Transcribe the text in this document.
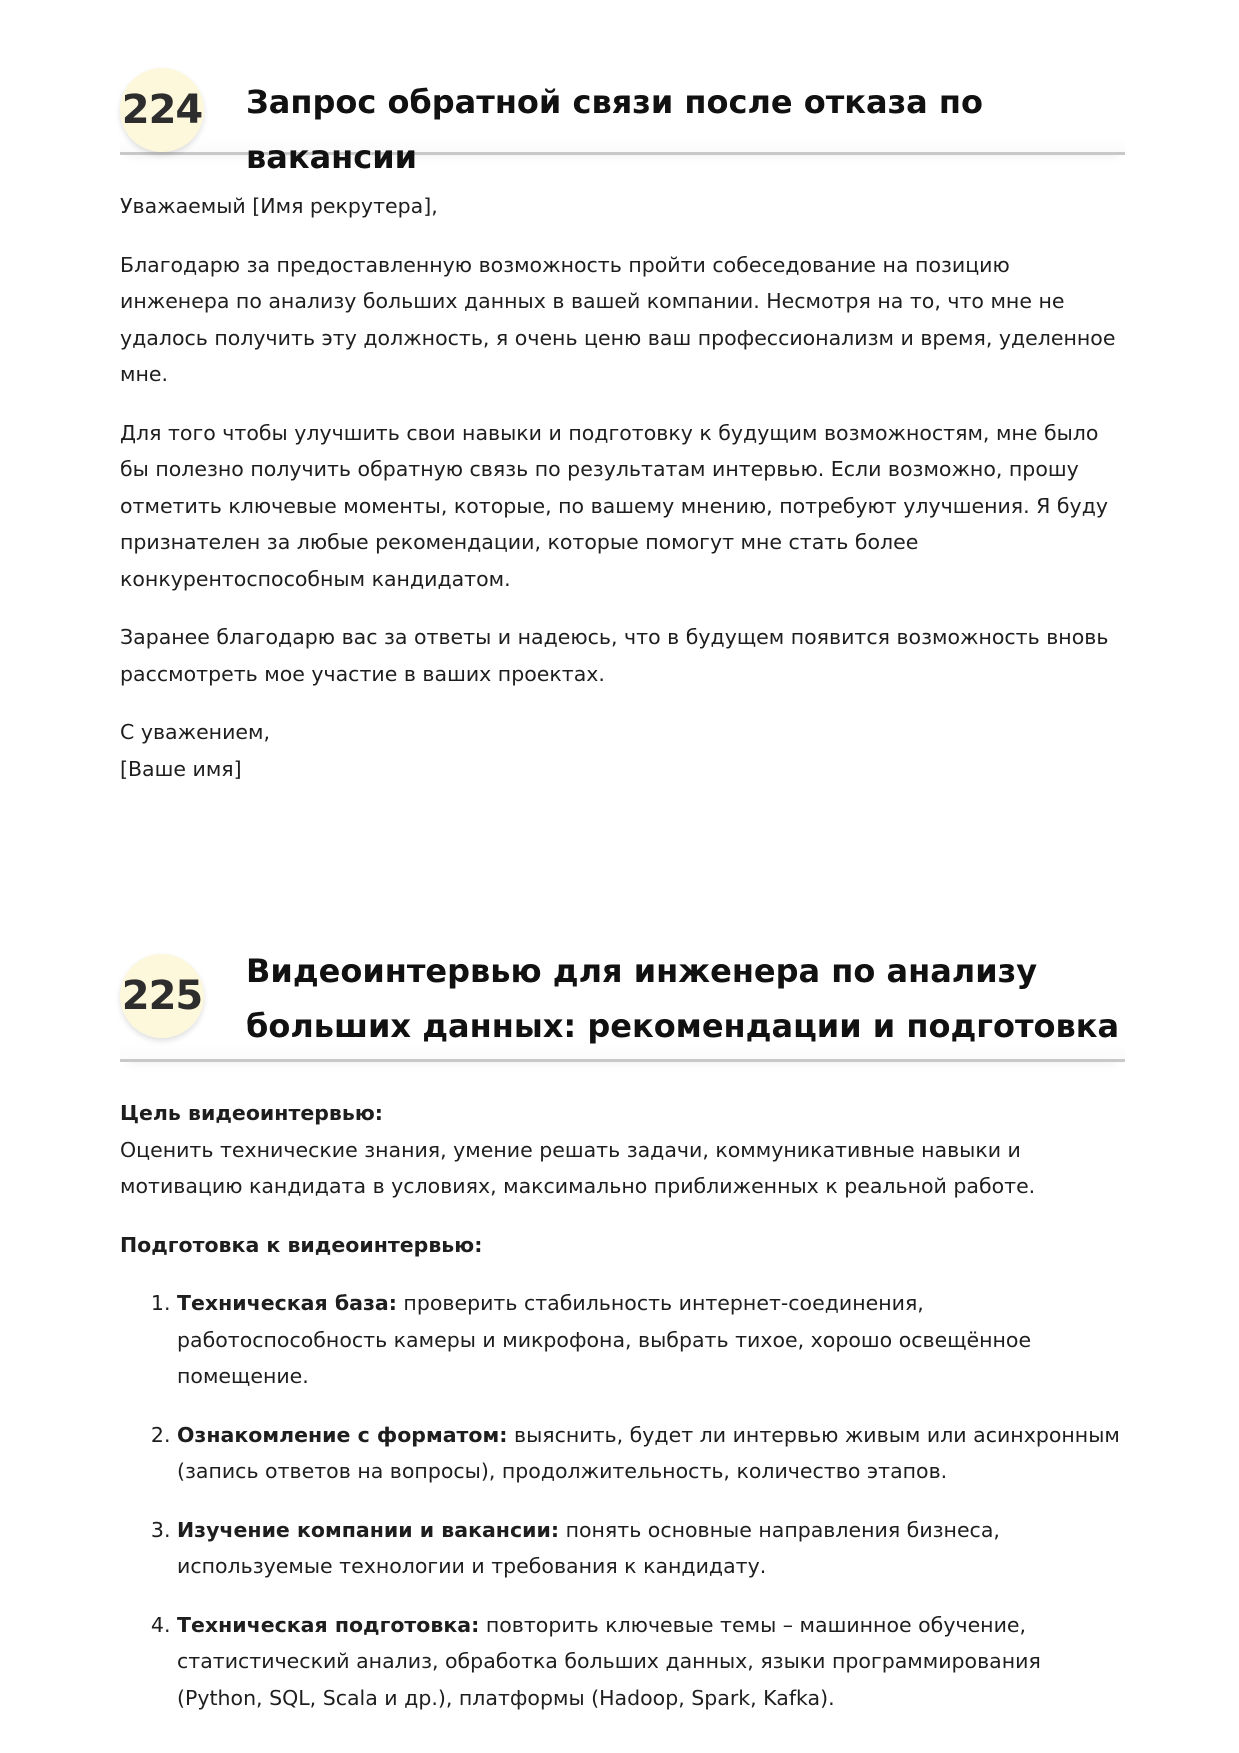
224	Запрос обратной связи после отказа по вакансии

Уважаемый [Имя рекрутера],

Благодарю за предоставленную возможность пройти собеседование на позицию инженера по анализу больших данных в вашей компании. Несмотря на то, что мне не удалось получить эту должность, я очень ценю ваш профессионализм и время, уделенное мне.

Для того чтобы улучшить свои навыки и подготовку к будущим возможностям, мне было бы полезно получить обратную связь по результатам интервью. Если возможно, прошу отметить ключевые моменты, которые, по вашему мнению, потребуют улучшения. Я буду признателен за любые рекомендации, которые помогут мне стать более конкурентоспособным кандидатом.

Заранее благодарю вас за ответы и надеюсь, что в будущем появится возможность вновь рассмотреть мое участие в ваших проектах.

С уважением,
[Ваше имя]

225
Видеоинтервью для инженера по анализу
больших данных: рекомендации и подготовка

Цель видеоинтервью:
Оценить технические знания, умение решать задачи, коммуникативные навыки и мотивацию кандидата в условиях, максимально приближенных к реальной работе.

Подготовка к видеоинтервью:

1. Техническая база: проверить стабильность интернет-соединения, работоспособность камеры и микрофона, выбрать тихое, хорошо освещённое помещение.
2. Ознакомление с форматом: выяснить, будет ли интервью живым или асинхронным (запись ответов на вопросы), продолжительность, количество этапов.
3. Изучение компании и вакансии: понять основные направления бизнеса, используемые технологии и требования к кандидату.
4. Техническая подготовка: повторить ключевые темы – машинное обучение, статистический анализ, обработка больших данных, языки программирования (Python, SQL, Scala и др.), платформы (Hadoop, Spark, Kafka).
